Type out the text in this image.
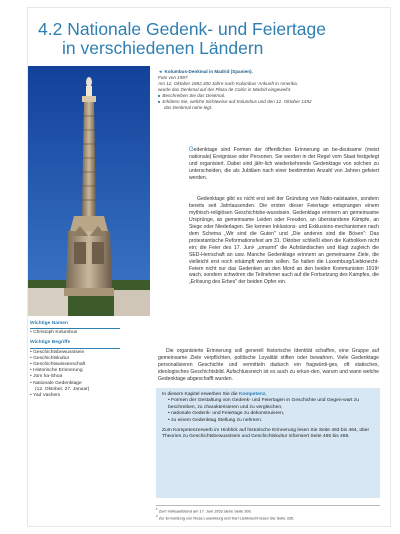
4.2 Nationale Gedenk- und Feiertage
in verschiedenen Ländern
◄ Kolumbus-Denkmal in Madrid (Spanien).
Foto von 1997.
Am 12. Oktober 1892,400 Jahre nach Kolumbus' Ankunft in Amerika,
wurde das Denkmal auf der Plaza de Colón in Madrid eingeweiht.
■ Beschreiben Sie das Denkmal.
■ Erklären Sie, welche Sichtweise auf Kolumbus und den 12. Oktober 1492
das Denkmal nahe legt.
Gedenktage sind Formen der öffentlichen Erinnerung an be-deutsame (meist nationale) Ereignisse oder Personen. Sie werden in der Regel vom Staat festgelegt und organisiert. Dabei sind jähr-lich wiederkehrende Gedenktage von solchen zu unterscheiden, die als Jubiläen nach einer bestimmten Anzahl von Jahren gefeiert werden.
Gedenktage gibt es nicht erst seit der Gründung von Natio-nalstaaten, sondern bereits seit Jahrtausenden. Die ersten dieser Feiertage entsprangen einem mythisch-religiösen Geschichtsbe-wusstsein. Gedenktage erinnern an gemeinsame Ursprünge, an gemeinsame Leiden oder Freuden, an überstandene Kämpfe, an Siege oder Niederlagen. Sie kennen Inklusions- und Exklusions-mechanismen nach dem Schema „Wir sind die Guten" und „Die anderen sind die Bösen": Das protestantische Reformationsfest am 31. Oktober schließt eben die Katholiken nicht ein; die Feier des 17. Juni¹ „umarmt" die Aufständischen und klagt zugleich die SED-Herrschaft an usw. Manche Gedenktage erinnern an gemeinsame Ziele, die vielleicht erst noch erkämpft werden sollen. So halten die Luxemburg/Liebknecht-Feiern nicht nur das Gedenken an den Mord an den beiden Kommunisten 1919² wach, sondern schwören die Teilnehmer auch auf die Fortsetzung des Kampfes, die „Erlösung des Erbes" der beiden Opfer ein.
Die organisierte Erinnerung soll generell historische Identität schaffen, eine Gruppe auf gemeinsame Ziele verpflichten, politische Loyalität stiften oder bewahren. Viele Gedenktage personalisieren Geschichte und vermitteln dadurch ein fragwürdi-ges, oft statisches, ideologisches Geschichtsbild. Aufschlussreich ist es auch zu erkun-den, warum und wann welche Gedenktage abgeschafft wurden.
Wichtige Namen
• Christoph Kolumbus
Wichtige Begriffe
• Geschichtsbewusstsein
• Geschichtskultur
• Geschichtswissenschaft
• Historische Erinnerung
• Jom ha-Shoa
• Nationale Gedenktage
(12. Oktober, 27. Januar)
• Yad Vashem	In diesem Kapitel erwerben Sie die Kompetenz,
• Formen der Gestaltung von Gedenk- und Feiertagen in Geschichte und Gegen-wart zu beschreiben, zu charakterisieren und zu vergleichen,
• nationale Gedenk- und Feiertage zu dekonstruieren,
• zu einem Gedenktag Stellung zu nehmen.
Zum Kompetenzerwerb im Hinblick auf historische Erinnerung lesen Sie Seite 463 bis 464, über Theorien zu Geschichtsbewusstsein und Geschichtskultur informiert Seite 465 bis 468.
$^1$ Zum Volksaufstand am 17. Juni 1953 siehe Seite 393.
$^2$ Zur Ermordung von Rosa Luxemburg und Karl Liebknecht lesen Sie Seite 335.
